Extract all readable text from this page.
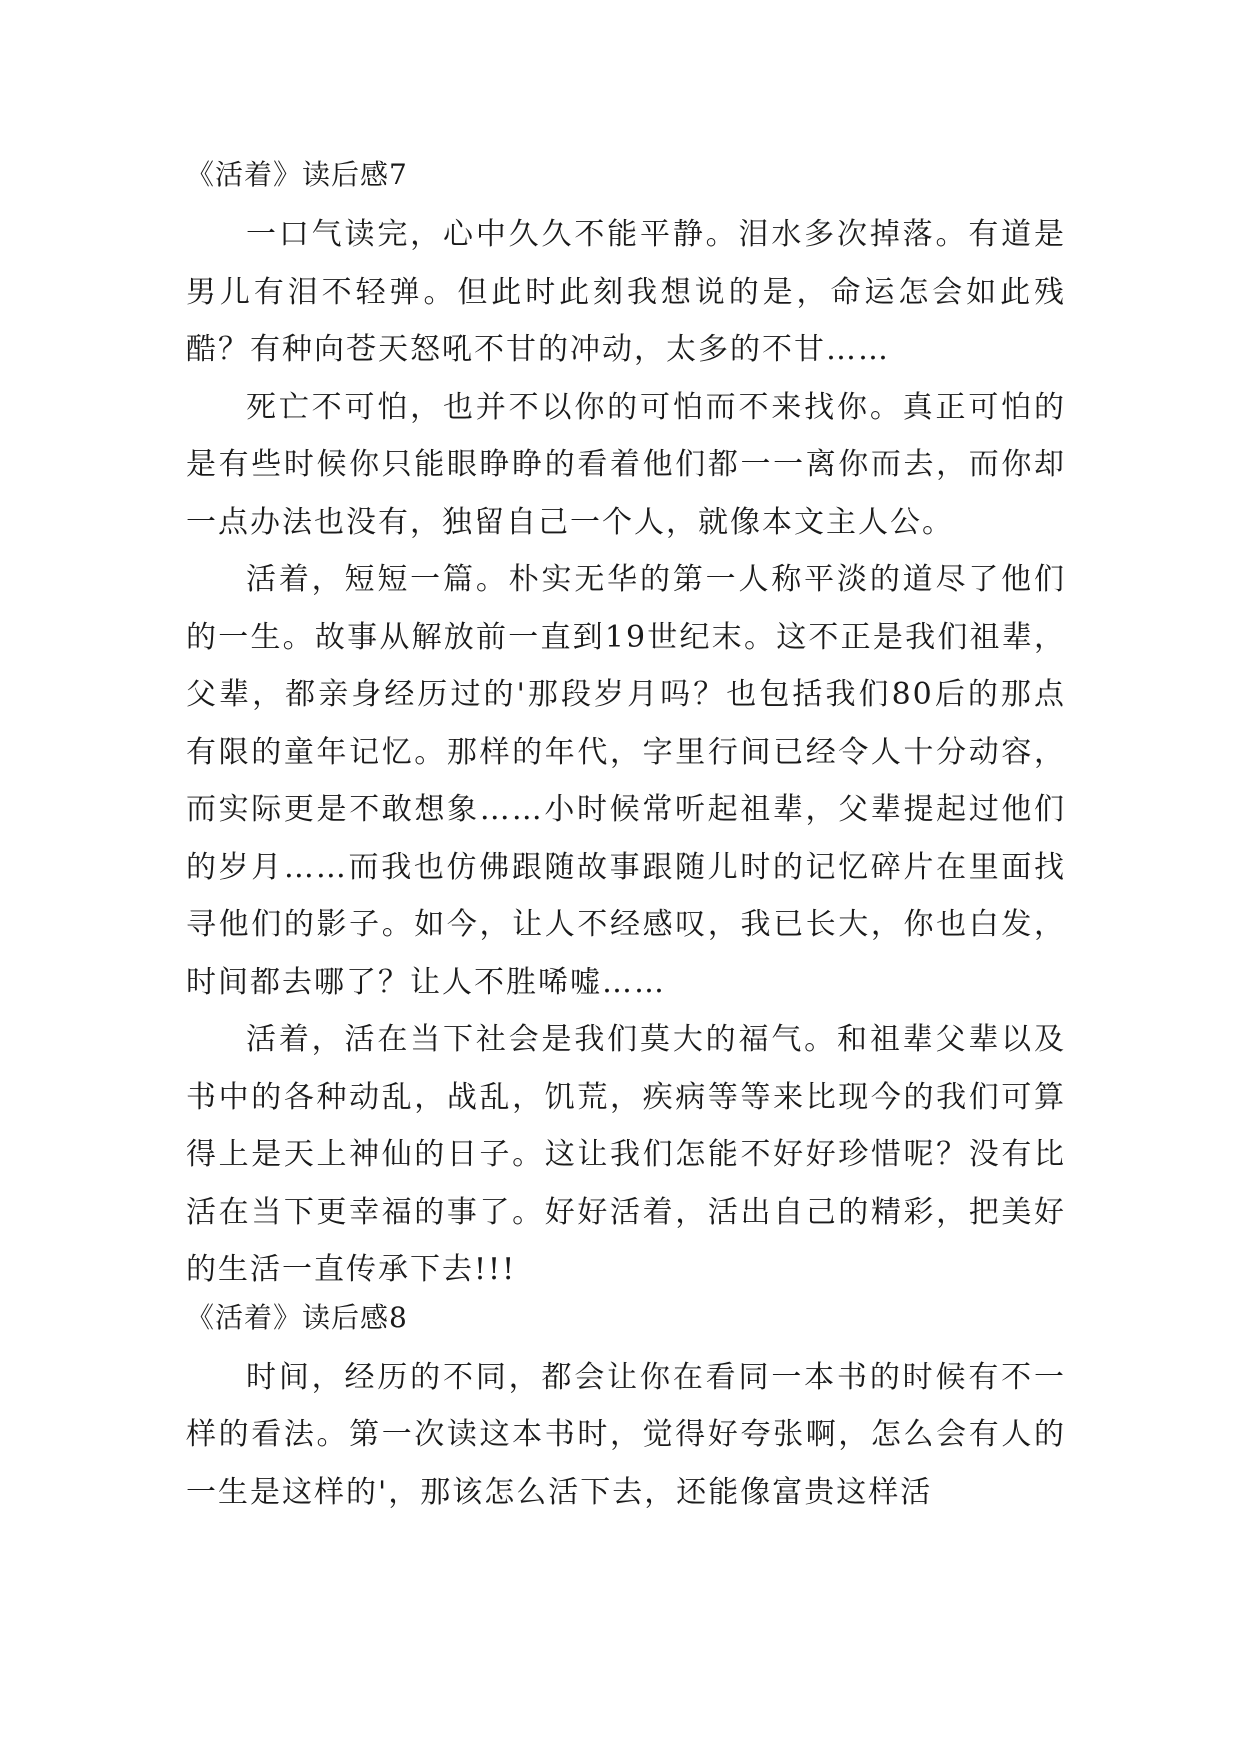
《活着》读后感7

一口气读完，心中久久不能平静。泪水多次掉落。有道是男儿有泪不轻弹。但此时此刻我想说的是，命运怎会如此残酷？有种向苍天怒吼不甘的冲动，太多的不甘……

死亡不可怕，也并不以你的可怕而不来找你。真正可怕的是有些时候你只能眼睁睁的看着他们都一一离你而去，而你却一点办法也没有，独留自己一个人，就像本文主人公。

活着，短短一篇。朴实无华的第一人称平淡的道尽了他们的一生。故事从解放前一直到19世纪末。这不正是我们祖辈，父辈，都亲身经历过的'那段岁月吗？也包括我们80后的那点有限的童年记忆。那样的年代，字里行间已经令人十分动容，而实际更是不敢想象……小时候常听起祖辈，父辈提起过他们的岁月……而我也仿佛跟随故事跟随儿时的记忆碎片在里面找寻他们的影子。如今，让人不经感叹，我已长大，你也白发，时间都去哪了？让人不胜唏嘘……

活着，活在当下社会是我们莫大的福气。和祖辈父辈以及书中的各种动乱，战乱，饥荒，疾病等等来比现今的我们可算得上是天上神仙的日子。这让我们怎能不好好珍惜呢？没有比活在当下更幸福的事了。好好活着，活出自己的精彩，把美好的生活一直传承下去!!!

《活着》读后感8

时间，经历的不同，都会让你在看同一本书的时候有不一样的看法。第一次读这本书时，觉得好夸张啊，怎么会有人的一生是这样的'，那该怎么活下去，还能像富贵这样活
